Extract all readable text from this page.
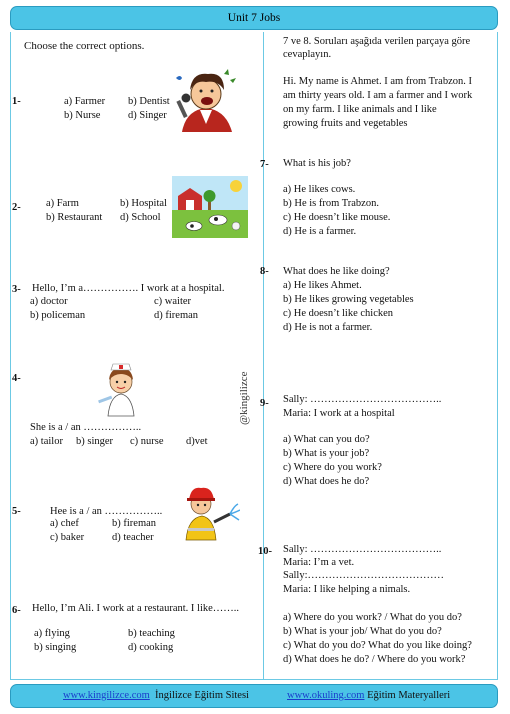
Unit 7 Jobs
@kingilizce
Choose the correct options.
1-	a) Farmer b) Dentist
b) Nurse	d) Singer
2- a) Farm	b) Hospital
b) Restaurant d) School
3- Hello, I’m a……………. I work at a hospital.
a) doctor	c) waiter
b) policeman	d) fireman
4-
She is a / an ……………..
a) tailor b) singer c) nurse d)vet
5-	Hee is a / an ……………..
a) chef	b) fireman
c) baker	d) teacher
6- Hello, I’m Ali. I work at a restaurant. I like……..
a) flying	b) teaching
b) singing	d) cooking
7 ve 8. Soruları aşağıda verilen parçaya göre
cevaplayın.
Hi. My name is Ahmet. I am from Trabzon. I
am thirty years old. I am a farmer and I work
on my farm. I like animals and I like
growing fruits and vegetables
7- What is his job?
a) He likes cows.
b) He is from Trabzon.
c) He doesn’t like mouse.
d) He is a farmer.
8- What does he like doing?
a) He likes Ahmet.
b) He likes growing vegetables
c) He doesn’t like chicken
d) He is not a farmer.
9- Sally: ………………………………..
Maria: I work at a hospital
a) What can you do?
b) What is your job?
c) Where do you work?
d) What does he do?
10- Sally: ………………………………..
Maria: I’m a vet.
Sally:…………………………………
Maria: I like helping a nimals.
a) Where do you work? / What do you do?
b) What is your job/ What do you do?
c) What do you do? What do you like doing?
d) What does he do? / Where do you work?
www.kingilizce.com İngilizce Eğitim Sitesi	www.okuling.com Eğitim Materyalleri
